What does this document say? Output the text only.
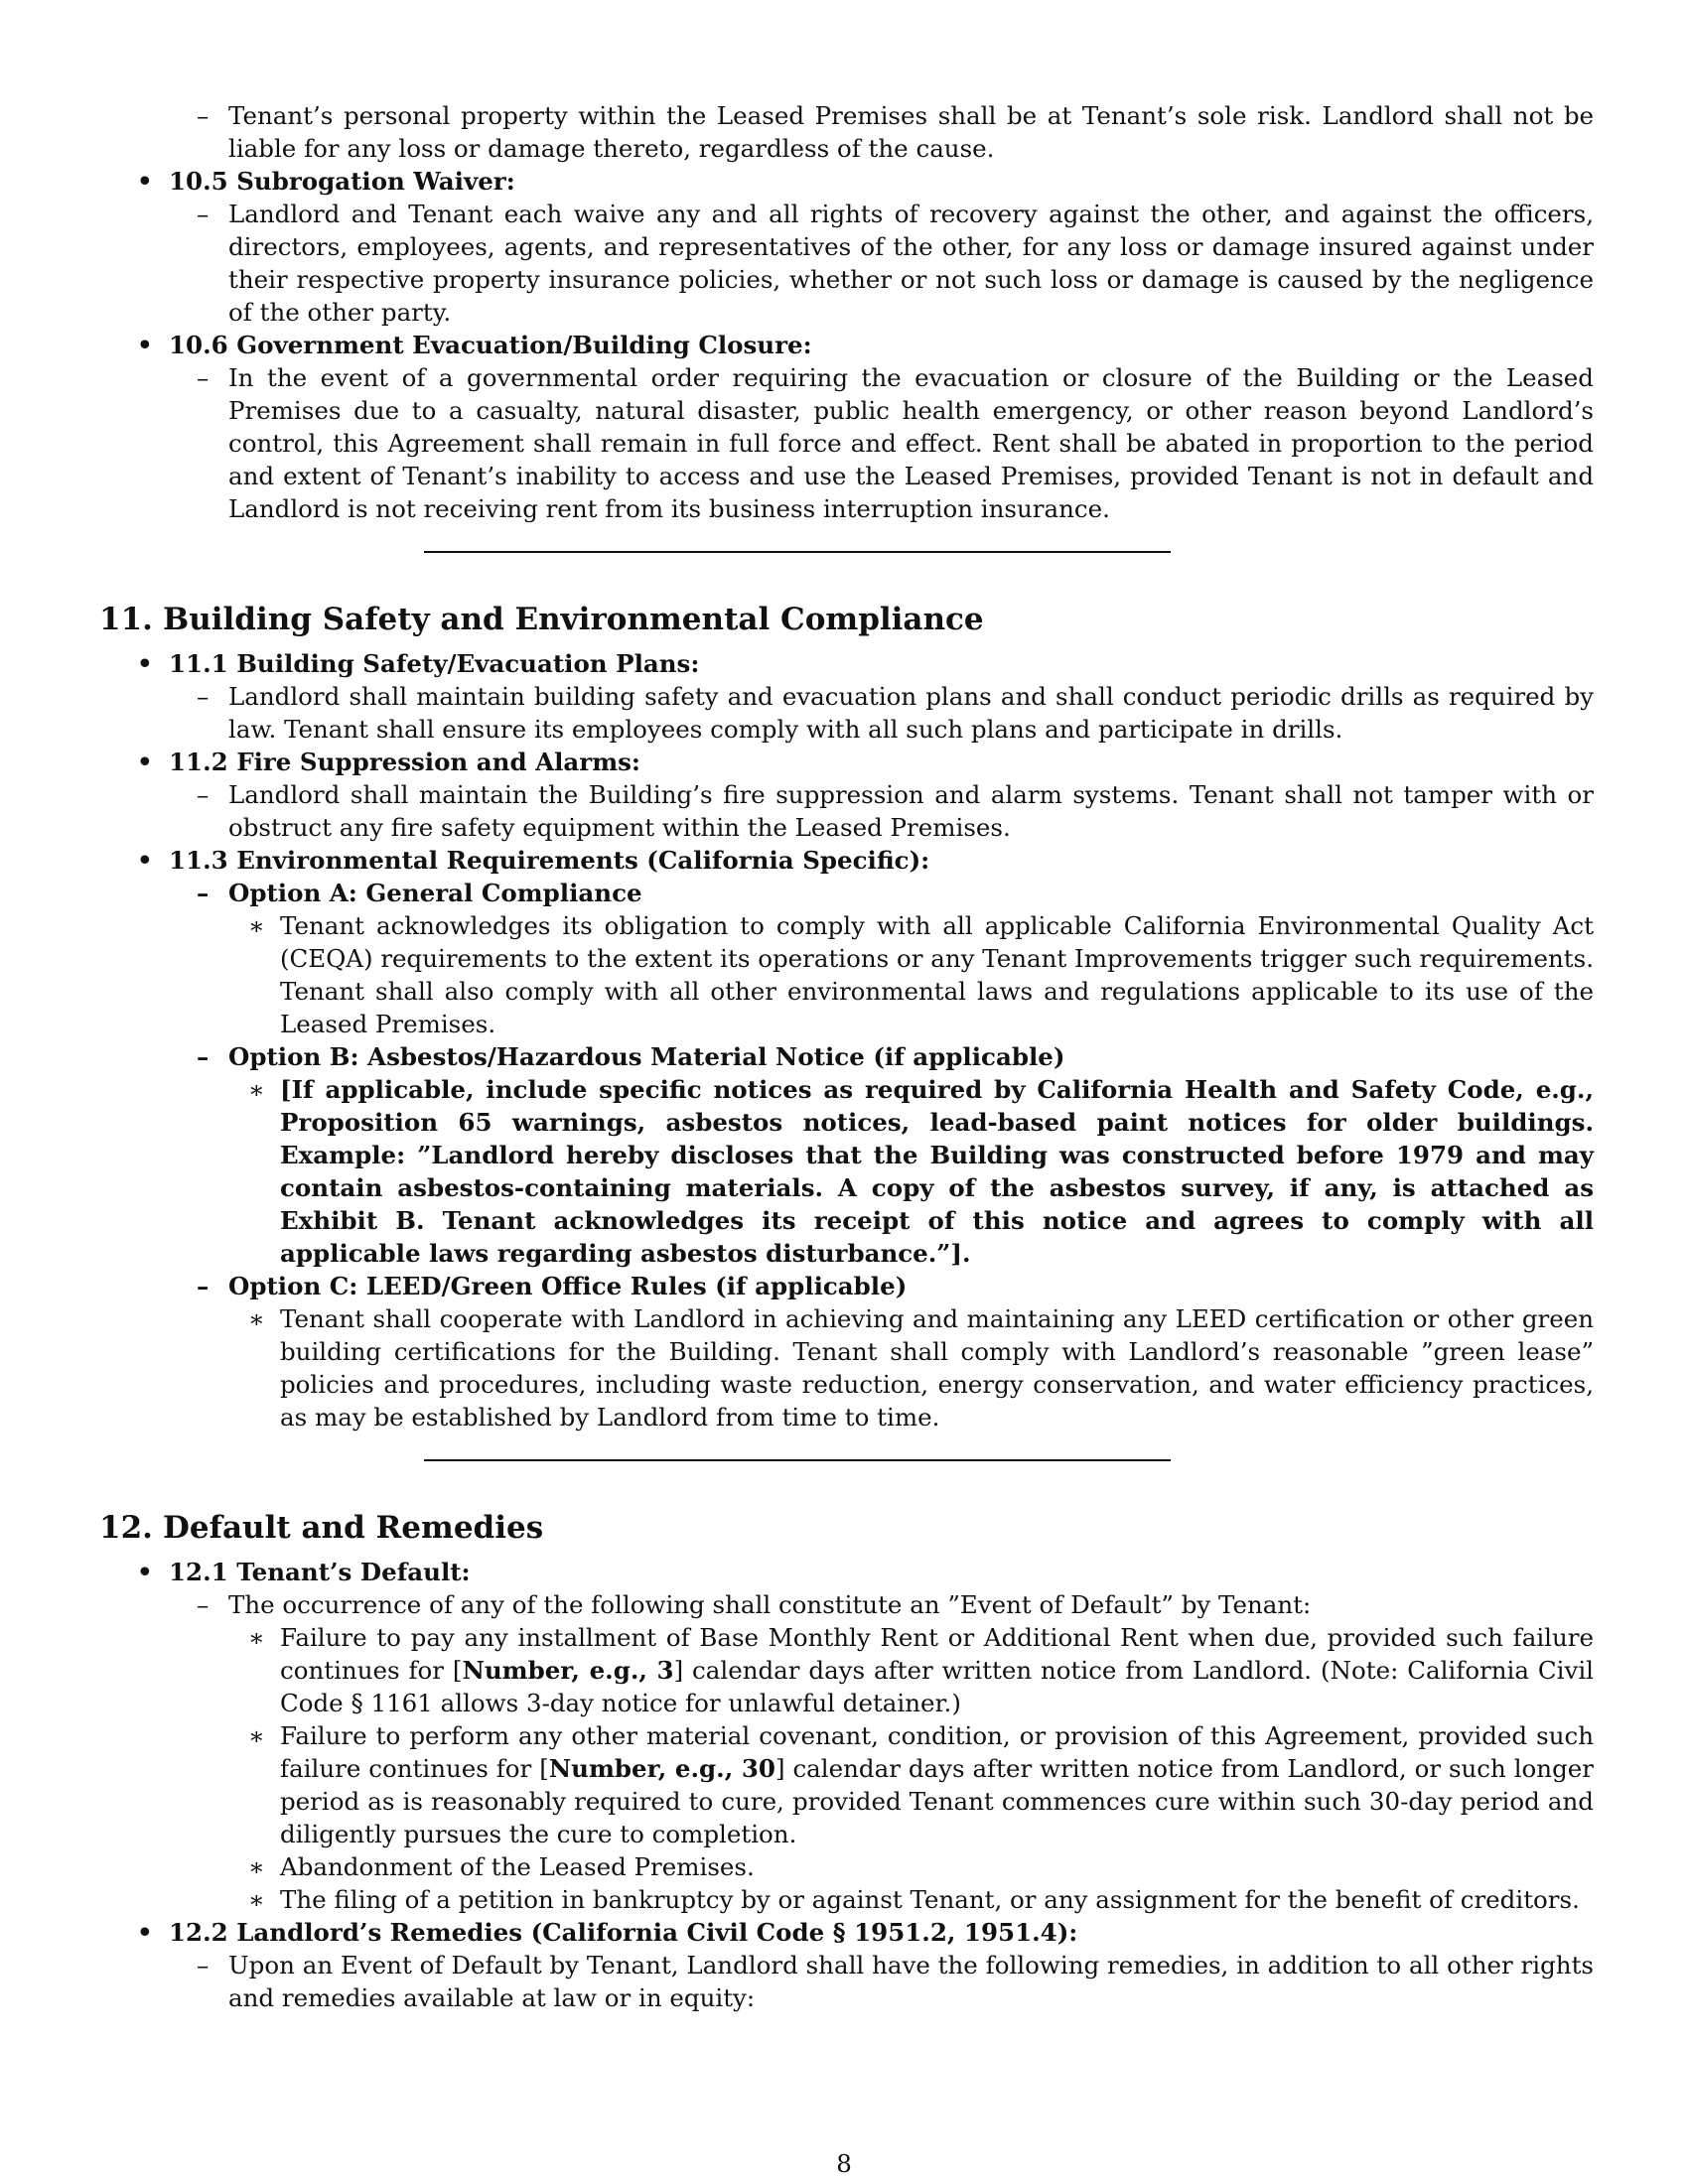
– Tenant’s personal property within the Leased Premises shall be at Tenant’s sole risk. Landlord shall not be liable for any loss or damage thereto, regardless of the cause.
• 10.5 Subrogation Waiver:
– Landlord and Tenant each waive any and all rights of recovery against the other, and against the officers, directors, employees, agents, and representatives of the other, for any loss or damage insured against under their respective property insurance policies, whether or not such loss or damage is caused by the negligence of the other party.
• 10.6 Government Evacuation/Building Closure:
– In the event of a governmental order requiring the evacuation or closure of the Building or the Leased Premises due to a casualty, natural disaster, public health emergency, or other reason beyond Landlord’s control, this Agreement shall remain in full force and effect. Rent shall be abated in proportion to the period and extent of Tenant’s inability to access and use the Leased Premises, provided Tenant is not in default and Landlord is not receiving rent from its business interruption insurance.
11. Building Safety and Environmental Compliance
• 11.1 Building Safety/Evacuation Plans:
– Landlord shall maintain building safety and evacuation plans and shall conduct periodic drills as required by law. Tenant shall ensure its employees comply with all such plans and participate in drills.
• 11.2 Fire Suppression and Alarms:
– Landlord shall maintain the Building’s fire suppression and alarm systems. Tenant shall not tamper with or obstruct any fire safety equipment within the Leased Premises.
• 11.3 Environmental Requirements (California Specific):
– Option A: General Compliance
∗ Tenant acknowledges its obligation to comply with all applicable California Environmental Quality Act (CEQA) requirements to the extent its operations or any Tenant Improvements trigger such requirements. Tenant shall also comply with all other environmental laws and regulations applicable to its use of the Leased Premises.
– Option B: Asbestos/Hazardous Material Notice (if applicable)
∗ [If applicable, include specific notices as required by California Health and Safety Code, e.g., Proposition 65 warnings, asbestos notices, lead-based paint notices for older buildings. Example: ”Landlord hereby discloses that the Building was constructed before 1979 and may contain asbestos-containing materials. A copy of the asbestos survey, if any, is attached as Exhibit B. Tenant acknowledges its receipt of this notice and agrees to comply with all applicable laws regarding asbestos disturbance.”].
– Option C: LEED/Green Office Rules (if applicable)
∗ Tenant shall cooperate with Landlord in achieving and maintaining any LEED certification or other green building certifications for the Building. Tenant shall comply with Landlord’s reasonable ”green lease” policies and procedures, including waste reduction, energy conservation, and water efficiency practices, as may be established by Landlord from time to time.
12. Default and Remedies
• 12.1 Tenant’s Default:
– The occurrence of any of the following shall constitute an ”Event of Default” by Tenant:
∗ Failure to pay any installment of Base Monthly Rent or Additional Rent when due, provided such failure continues for [Number, e.g., 3] calendar days after written notice from Landlord. (Note: California Civil Code § 1161 allows 3-day notice for unlawful detainer.)
∗ Failure to perform any other material covenant, condition, or provision of this Agreement, provided such failure continues for [Number, e.g., 30] calendar days after written notice from Landlord, or such longer period as is reasonably required to cure, provided Tenant commences cure within such 30-day period and diligently pursues the cure to completion.
∗ Abandonment of the Leased Premises.
∗ The filing of a petition in bankruptcy by or against Tenant, or any assignment for the benefit of creditors.
• 12.2 Landlord’s Remedies (California Civil Code § 1951.2, 1951.4):
– Upon an Event of Default by Tenant, Landlord shall have the following remedies, in addition to all other rights and remedies available at law or in equity:
8
